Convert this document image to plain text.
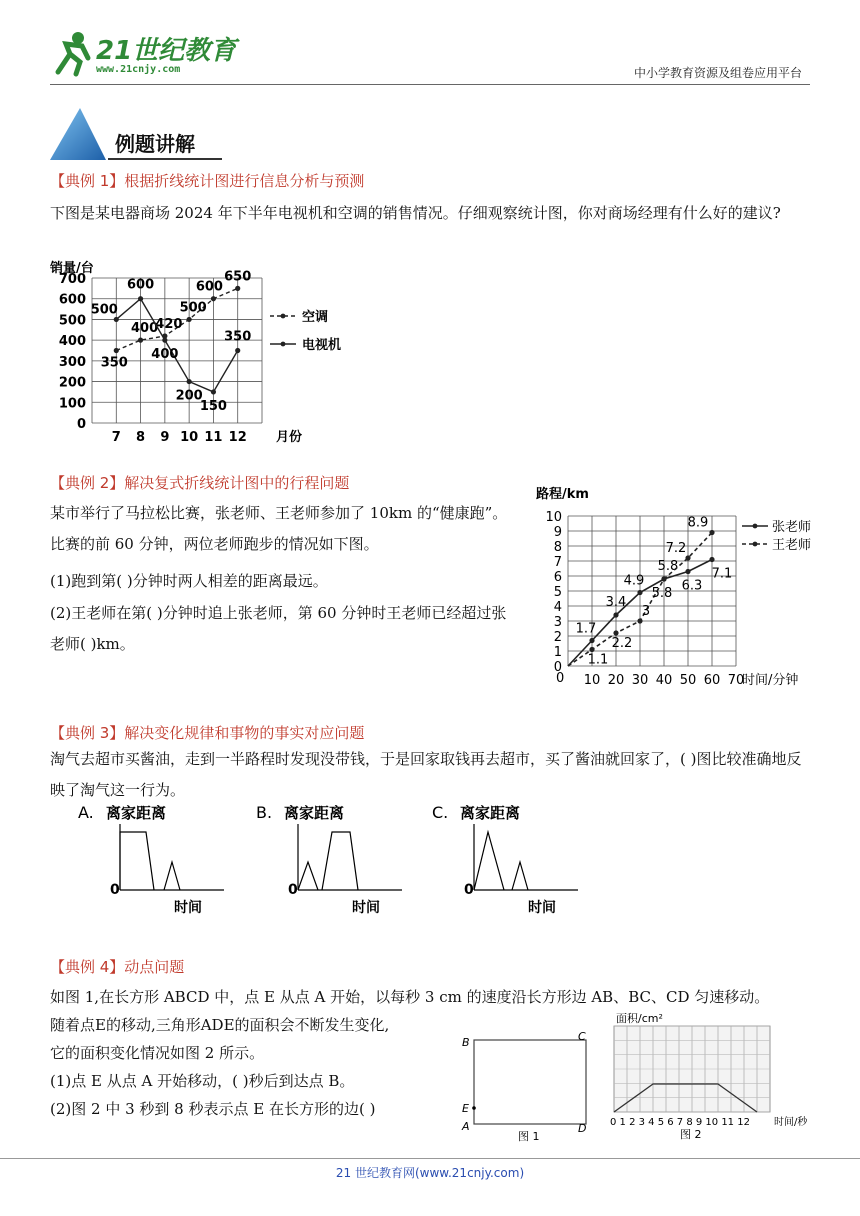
21世纪教育
www.21cnjy.com	中小学教育资源及组卷应用平台
例题讲解
【典例 1】根据折线统计图进行信息分析与预测
下图是某电器商场 2024 年下半年电视机和空调的销售情况。仔细观察统计图，你对商场经理有什么好的建议?
销量/台
0
100
200
300
400
500
600
700
7 8 9 10 11 12 月份
350
400
420
500
600
650
空调
500
600
400
200
150
350
电视机
【典例 2】解决复式折线统计图中的行程问题
某市举行了马拉松比赛，张老师、王老师参加了 10km 的“健康跑”。比赛的前 60 分钟，两位老师跑步的情况如下图。
(1)跑到第( )分钟时两人相差的距离最远。
(2)王老师在第( )分钟时追上张老师，第 60 分钟时王老师已经超过张老师( )km。
路程/km
0
1
2
3
4
5
6
7
8
9
10
10 20 30 40 50 60 70
时间/分钟
1.7
3.4
4.9
5.8
6.3
7.1
张老师
1.1
2.2
3
5.8
7.2
8.9
王老师
0
【典例 3】解决变化规律和事物的事实对应问题
淘气去超市买酱油，走到一半路程时发现没带钱，于是回家取钱再去超市，买了酱油就回家了，( )图比较准确地反映了淘气这一行为。
A. 离家距离
0
时间
B. 离家距离
0
时间
C. 离家距离
0
时间
【典例 4】动点问题
如图 1,在长方形 ABCD 中，点 E 从点 A 开始，以每秒 3 cm 的速度沿长方形边 AB、BC、CD 匀速移动。
随着点E的移动,三角形ADE的面积会不断发生变化,
它的面积变化情况如图 2 所示。
(1)点 E 从点 A 开始移动，( )秒后到达点 B。
(2)图 2 中 3 秒到 8 秒表示点 E 在长方形的边( )
B	C
E
A	D
图 1
面积/cm²
0 1 2 3 4 5 6 7 8 9 10 11 12 时间/秒
图 2
21 世纪教育网(www.21cnjy.com)
